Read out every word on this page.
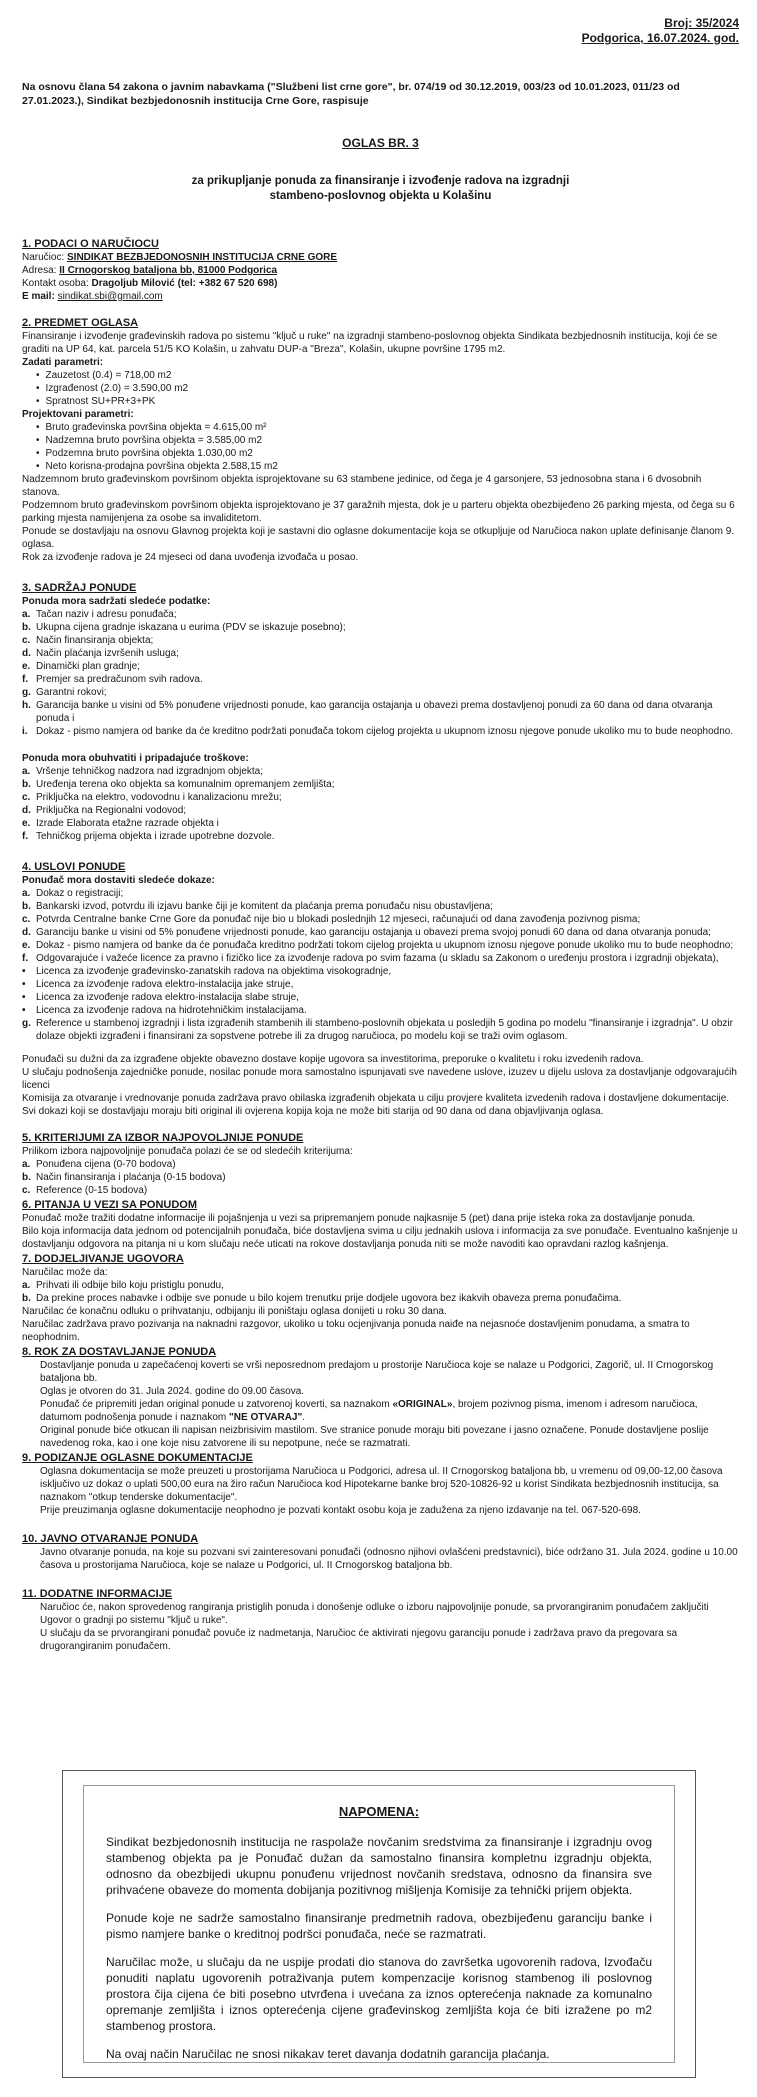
Broj: 35/2024
Podgorica, 16.07.2024. god.

Na osnovu člana 54 zakona o javnim nabavkama ("Službeni list crne gore", br. 074/19 od 30.12.2019, 003/23 od 10.01.2023, 011/23 od 27.01.2023.), Sindikat bezbjedonosnih institucija Crne Gore, raspisuje

OGLAS BR. 3
za prikupljanje ponuda za finansiranje i izvođenje radova na izgradnji
stambeno-poslovnog objekta u Kolašinu
1. PODACI O NARUČIOCU

Naručioc: SINDIKAT BEZBJEDONOSNIH INSTITUCIJA CRNE GORE

Adresa: II Crnogorskog bataljona bb, 81000 Podgorica

Kontakt osoba: Dragoljub Milović (tel: +382 67 520 698)

E mail: sindikat.sbi@gmail.com

2. PREDMET OGLASA

Finansiranje i izvođenje građevinskih radova po sistemu "ključ u ruke" na izgradnji stambeno-poslovnog objekta Sindikata bezbjednosnih institucija, koji će se graditi na UP 64, kat. parcela 51/5 KO Kolašin, u zahvatu DUP-a "Breza", Kolašin, ukupne površine 1795 m2.

Zadati parametri:
• Zauzetost (0.4) = 718,00 m2
• Izgrađenost (2.0) = 3.590,00 m2
• Spratnost SU+PR+3+PK
Projektovani parametri:
• Bruto građevinska površina objekta = 4.615,00 m²
• Nadzemna bruto površina objekta = 3.585,00 m2
• Podzemna bruto površina objekta 1.030,00 m2
• Neto korisna-prodajna površina objekta 2.588,15 m2

Nadzemnom bruto građevinskom površinom objekta isprojektovane su 63 stambene jedinice, od čega je 4 garsonjere, 53 jednosobna stana i 6 dvosobnih stanova.

Podzemnom bruto građevinskom površinom objekta isprojektovano je 37 garažnih mjesta, dok je u parteru objekta obezbijeđeno 26 parking mjesta, od čega su 6 parking mjesta namijenjena za osobe sa invaliditetom.

Ponude se dostavljaju na osnovu Glavnog projekta koji je sastavni dio oglasne dokumentacije koja se otkupljuje od Naručioca nakon uplate definisanje članom 9. oglasa.

Rok za izvođenje radova je 24 mjeseci od dana uvođenja izvođača u posao.

3. SADRŽAJ PONUDE
Ponuda mora sadržati sledeće podatke:
a. Tačan naziv i adresu ponuđača;
b. Ukupna cijena gradnje iskazana u eurima (PDV se iskazuje posebno);
c. Način finansiranja objekta;
d. Način plaćanja izvršenih usluga;
e. Dinamički plan gradnje;
f. Premjer sa predračunom svih radova.
g. Garantni rokovi;
h. Garancija banke u visini od 5% ponuđene vrijednosti ponude, kao garancija ostajanja u obavezi prema dostavljenoj ponudi za 60 dana od dana otvaranja ponuda i
i. Dokaz - pismo namjera od banke da će kreditno podržati ponuđača tokom cijelog projekta u ukupnom iznosu njegove ponude ukoliko mu to bude neophodno.
Ponuda mora obuhvatiti i pripadajuće troškove:
a. Vršenje tehničkog nadzora nad izgradnjom objekta;
b. Uređenja terena oko objekta sa komunalnim opremanjem zemljišta;
c. Priključka na elektro, vodovodnu i kanalizacionu mrežu;
d. Priključka na Regionalni vodovod;
e. Izrade Elaborata etažne razrade objekta i
f. Tehničkog prijema objekta i izrade upotrebne dozvole.
4. USLOVI PONUDE
Ponuđač mora dostaviti sledeće dokaze:
a. Dokaz o registraciji;
b. Bankarski izvod, potvrdu ili izjavu banke čiji je komitent da plaćanja prema ponuđaču nisu obustavljena;
c. Potvrda Centralne banke Crne Gore da ponuđač nije bio u blokadi poslednjih 12 mjeseci, računajući od dana zavođenja pozivnog pisma;
d. Garanciju banke u visini od 5% ponuđene vrijednosti ponude, kao garanciju ostajanja u obavezi prema svojoj ponudi 60 dana od dana otvaranja ponuda;
e. Dokaz - pismo namjera od banke da će ponuđača kreditno podržati tokom cijelog projekta u ukupnom iznosu njegove ponude ukoliko mu to bude neophodno;
f. Odgovarajuće i važeće licence za pravno i fizičko lice za izvođenje radova po svim fazama (u skladu sa Zakonom o uređenju prostora i izgradnji objekata),
• Licenca za izvođenje građevinsko-zanatskih radova na objektima visokogradnje,
• Licenca za izvođenje radova elektro-instalacija jake struje,
• Licenca za izvođenje radova elektro-instalacija slabe struje,
• Licenca za izvođenje radova na hidrotehničkim instalacijama.
g. Reference u stambenoj izgradnji i lista izgrađenih stambenih ili stambeno-poslovnih objekata u posledjih 5 godina po modelu "finansiranje i izgradnja". U obzir dolaze objekti izgrađeni i finansirani za sopstvene potrebe ili za drugog naručioca, po modelu koji se traži ovim oglasom.

Ponuđači su dužni da za izgrađene objekte obavezno dostave kopije ugovora sa investitorima, preporuke o kvalitetu i roku izvedenih radova.

U slučaju podnošenja zajedničke ponude, nosilac ponude mora samostalno ispunjavati sve navedene uslove, izuzev u dijelu uslova za dostavljanje odgovarajućih licenci

Komisija za otvaranje i vrednovanje ponuda zadržava pravo obilaska izgrađenih objekata u cilju provjere kvaliteta izvedenih radova i dostavljene dokumentacije.

Svi dokazi koji se dostavljaju moraju biti original ili ovjerena kopija koja ne može biti starija od 90 dana od dana objavljivanja oglasa.

5. KRITERIJUMI ZA IZBOR NAJPOVOLJNIJE PONUDE

Prilikom izbora najpovoljnije ponuđača polazi će se od sledećih kriterijuma:

a. Ponuđena cijena (0-70 bodova)
b. Način finansiranja i plaćanja (0-15 bodova)
c. Reference (0-15 bodova)
6. PITANJA U VEZI SA PONUDOM

Ponuđač može tražiti dodatne informacije ili pojašnjenja u vezi sa pripremanjem ponude najkasnije 5 (pet) dana prije isteka roka za dostavljanje ponuda.

Bilo koja informacija data jednom od potencijalnih ponuđača, biće dostavljena svima u cilju jednakih uslova i informacija za sve ponuđače. Eventualno kašnjenje u dostavljanju odgovora na pitanja ni u kom slučaju neće uticati na rokove dostavljanja ponuda niti se može navoditi kao opravdani razlog kašnjenja.

7. DODJELJIVANJE UGOVORA

Naručilac može da:

a. Prihvati ili odbije bilo koju pristiglu ponudu,
b. Da prekine proces nabavke i odbije sve ponude u bilo kojem trenutku prije dodjele ugovora bez ikakvih obaveza prema ponuđačima.

Naručilac će konačnu odluku o prihvatanju, odbijanju ili poništaju oglasa donijeti u roku 30 dana.

Naručilac zadržava pravo pozivanja na naknadni razgovor, ukoliko u toku ocjenjivanja ponuda naiđe na nejasnoće dostavljenim ponudama, a smatra to neophodnim.

8. ROK ZA DOSTAVLJANJE PONUDA

Dostavljanje ponuda u zapečaćenoj koverti se vrši neposrednom predajom u prostorije Naručioca koje se nalaze u Podgorici, Zagorič, ul. II Crnogorskog bataljona bb.

Oglas je otvoren do 31. Jula 2024. godine do 09.00 časova.

Ponuđač će pripremiti jedan original ponude u zatvorenoj koverti, sa naznakom «ORIGINAL», brojem pozivnog pisma, imenom i adresom naručioca, datumom podnošenja ponude i naznakom "NE OTVARAJ".

Original ponude biće otkucan ili napisan neizbrisivim mastilom. Sve stranice ponude moraju biti povezane i jasno označene. Ponude dostavljene poslije navedenog roka, kao i one koje nisu zatvorene ili su nepotpune, neće se razmatrati.

9. PODIZANJE OGLASNE DOKUMENTACIJE

Oglasna dokumentacija se može preuzeti u prostorijama Naručioca u Podgorici, adresa ul. II Crnogorskog bataljona bb, u vremenu od 09,00-12,00 časova isključivo uz dokaz o uplati 500,00 eura na žiro račun Naručioca kod Hipotekarne banke broj 520-10826-92 u korist Sindikata bezbjednosnih institucija, sa naznakom "otkup tenderske dokumentacije".

Prije preuzimanja oglasne dokumentacije neophodno je pozvati kontakt osobu koja je zadužena za njeno izdavanje na tel. 067-520-698.

10. JAVNO OTVARANJE PONUDA

Javno otvaranje ponuda, na koje su pozvani svi zainteresovani ponuđači (odnosno njihovi ovlašćeni predstavnici), biće održano 31. Jula 2024. godine u 10.00 časova u prostorijama Naručioca, koje se nalaze u Podgorici, ul. II Crnogorskog bataljona bb.

11. DODATNE INFORMACIJE

Naručioc će, nakon sprovedenog rangiranja pristiglih ponuda i donošenje odluke o izboru najpovoljnije ponude, sa prvorangiranim ponuđačem zaključiti Ugovor o gradnji po sistemu "ključ u ruke".

U slučaju da se prvorangirani ponuđač povuče iz nadmetanja, Naručioc će aktivirati njegovu garanciju ponude i zadržava pravo da pregovara sa drugorangiranim ponuđačem.

NAPOMENA:

Sindikat bezbjedonosnih institucija ne raspolaže novčanim sredstvima za finansiranje i izgradnju ovog stambenog objekta pa je Ponuđač dužan da samostalno finansira kompletnu izgradnju objekta, odnosno da obezbijedi ukupnu ponuđenu vrijednost novčanih sredstava, odnosno da finansira sve prihvaćene obaveze do momenta dobijanja pozitivnog mišljenja Komisije za tehnički prijem objekta.

Ponude koje ne sadrže samostalno finansiranje predmetnih radova, obezbijeđenu garanciju banke i pismo namjere banke o kreditnoj podršci ponuđača, neće se razmatrati.

Naručilac može, u slučaju da ne uspije prodati dio stanova do završetka ugovorenih radova, Izvođaču ponuditi naplatu ugovorenih potraživanja putem kompenzacije korisnog stambenog ili poslovnog prostora čija cijena će biti posebno utvrđena i uvećana za iznos opterećenja naknade za komunalno opremanje zemljišta i iznos opterećenja cijene građevinskog zemljišta koja će biti izražene po m2 stambenog prostora.

Na ovaj način Naručilac ne snosi nikakav teret davanja dodatnih garancija plaćanja.
